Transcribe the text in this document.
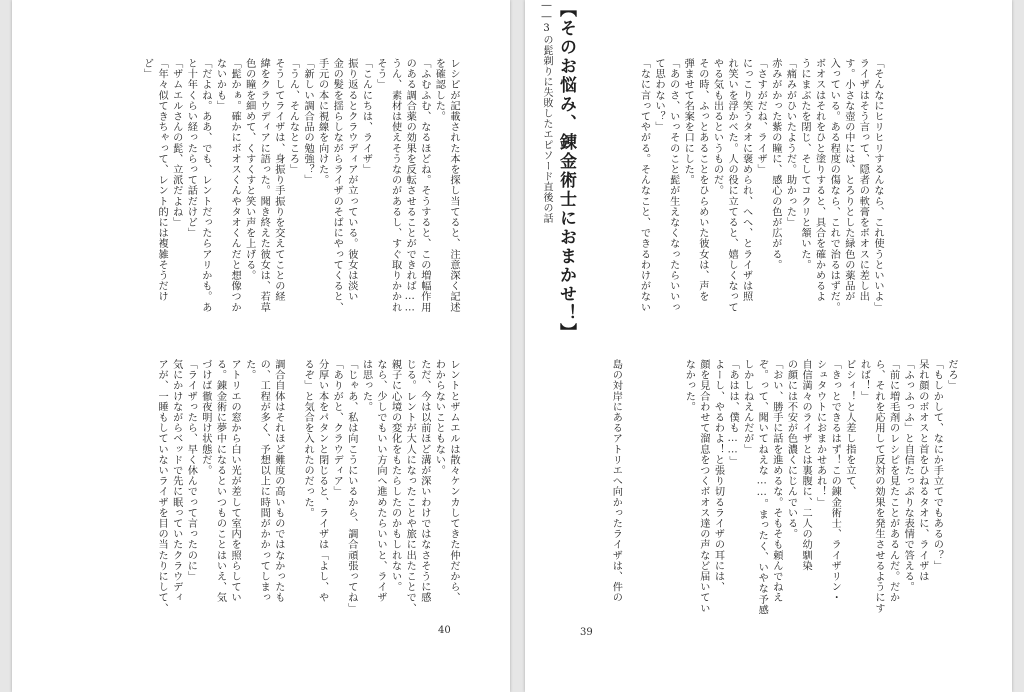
レシピが記載された本を探し当てると、注意深く記述

を確認した。

「ふむふむ、なるほどね。そうすると、この増幅作用

のある調合薬の効果を反転させることができれば……

うん、素材は使えそうなのがあるし、すぐ取りかかれ

そう」

「こんにちは、ライザ」

振り返るとクラウディアが立っている。彼女は淡い

金の髪を揺らしながらライザのそばにやってくると、

手元の本に視線を向けた。

「新しい調合品の勉強？」

「うん、そんなところ」

そうしてライザは、身振り手振りを交えてことの経

緯をクラウディアに語った。聞き終えた彼女は、若草

色の瞳を細めて、くすくすと笑い声を上げる。

「髭かぁ。確かにボオスくんやタオくんだと想像つか

ないかも」

「だよね。ああ、でも、レントだったらアリかも。あ

と十年くらい経ったらって話だけど」

「ザムエルさんの髭、立派だよね」

「年々似てきちゃって、レント的には複雑そうだけ

ど」

レントとザムエルは散々ケンカしてきた仲だから、

わからないこともない。

ただ、今は以前ほど溝が深いわけではなさそうに感

じる。レントが大人になったことや旅に出たことで、

親子に心境の変化をもたらしたのかもしれない。

なら、少しでもいい方向へ進めたらいいと、ライザ

は思った。

「じゃあ、私は向こうにいるから、調合頑張ってね」

「ありがと、クラウディア」

分厚い本をパタンと閉じると、ライザは「よし、や

るぞ」と気合を入れたのだった。

調合自体はそれほど難度の高いものではなかったも

の、工程が多く、予想以上に時間がかかってしまっ

た。

アトリエの窓から白い光が差して室内を照らしてい

る。錬金術に夢中になるといつものことはいえ、気

づけば徹夜明け状態だ。

「ライザったら、早く休んでって言ったのに」

気にかけながらベッドで先に眠っていたクラウディ

アが、一睡もしていないライザを目の当たりにして、

40

【そのお悩み、錬金術士におまかせ！】

――3の髭剃りに失敗したエピソード直後の話	「そんなにヒリヒリするんなら、これ使うといいよ」

ライザはそう言って、隠者の軟膏をボオスに差し出

す。小さな壺の中には、とろりとした緑色の薬品が

入っている。ある程度の傷なら、これで治るはずだ。

ボオスはそれをひと塗りすると、具合を確かめるよ

うにまぶたを閉じ、そしてコクリと頷いた。

「痛みがひいたようだ。助かった」

赤みがかった紫の瞳に、感心の色が広がる。

「さすがだね、ライザ」

にっこり笑うタオに褒められ、へへ、とライザは照

れ笑いを浮かべた。人の役に立てると、嬉しくなって

やる気も出るというものだ。

その時、ふっとあることをひらめいた彼女は、声を

弾ませて名案を口にした。

「あのさ、いっそのこと髭が生えなくなったらいいっ

て思わない？」

「なに言ってやがる。そんなこと、できるわけがない

だろ」

「もしかして、なにか手立てでもあるの？」

呆れ顔のボオスと首をひねるタオに、ライザは

「ふっふっふ」と自信たっぷりな表情で答える。

「前に増毛剤のレシピを見たことがあるんだ。だか

ら、それを応用して反対の効果を発生させるようにす

れば！」

ビシィ！と人差し指を立て、

「きっとできるはず！この錬金術士、ライザリン・

シュタウトにおまかせあれ！」

自信満々のライザとは裏腹に、二人の幼馴染

の顔には不安が色濃くにじんでいる。

「おい、勝手に話を進めるな。そもそも頼んでねえ

ぞ。って、聞いてねえな……。まったく、いやな予感

しかしねえんだが」

「あはは、僕も……」

よーし、やるわよ！と張り切るライザの耳には、

顔を見合わせて溜息をつくボオス達の声など届いてい

なかった。

島の対岸にあるアトリエへ向かったライザは、件の

39
